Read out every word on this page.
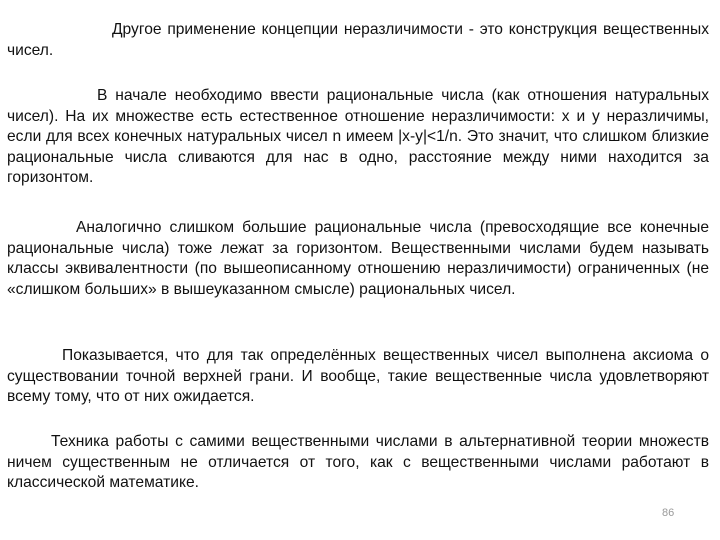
Другое применение концепции неразличимости - это конструкция вещественных чисел.

В начале необходимо ввести рациональные числа (как отношения натуральных чисел). На их множестве есть естественное отношение неразличимости: x и y неразличимы, если для всех конечных натуральных чисел n имеем |x-y|<1/n. Это значит, что слишком близкие рациональные числа сливаются для нас в одно, расстояние между ними находится за горизонтом.

Аналогично слишком большие рациональные числа (превосходящие все конечные рациональные числа) тоже лежат за горизонтом. Вещественными числами будем называть классы эквивалентности (по вышеописанному отношению неразличимости) ограниченных (не «слишком больших» в вышеуказанном смысле) рациональных чисел.

Показывается, что для так определённых вещественных чисел выполнена аксиома о существовании точной верхней грани. И вообще, такие вещественные числа удовлетворяют всему тому, что от них ожидается.

Техника работы с самими вещественными числами в альтернативной теории множеств ничем существенным не отличается от того, как с вещественными числами работают в классической математике.

86
